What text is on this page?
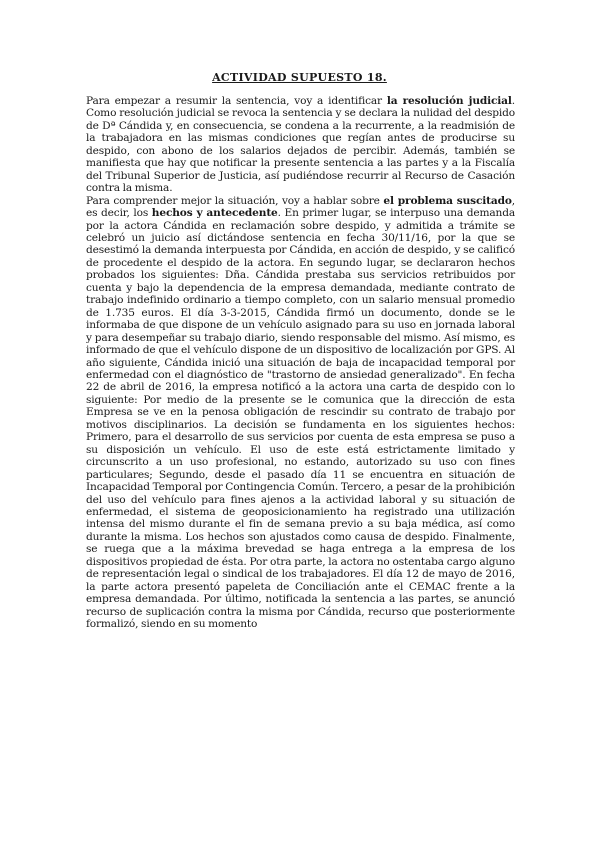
ACTIVIDAD SUPUESTO 18.

Para empezar a resumir la sentencia, voy a identificar la resolución judicial. Como resolución judicial se revoca la sentencia y se declara la nulidad del despido de Dª Cándida y, en consecuencia, se condena a la recurrente, a la readmisión de la trabajadora en las mismas condiciones que regían antes de producirse su despido, con abono de los salarios dejados de percibir. Además, también se manifiesta que hay que notificar la presente sentencia a las partes y a la Fiscalía del Tribunal Superior de Justicia, así pudiéndose recurrir al Recurso de Casación contra la misma.

Para comprender mejor la situación, voy a hablar sobre el problema suscitado, es decir, los hechos y antecedente. En primer lugar, se interpuso una demanda por la actora Cándida en reclamación sobre despido, y admitida a trámite se celebró un juicio así dictándose sentencia en fecha 30/11/16, por la que se desestimó la demanda interpuesta por Cándida, en acción de despido, y se calificó de procedente el despido de la actora. En segundo lugar, se declararon hechos probados los siguientes: Dña. Cándida prestaba sus servicios retribuidos por cuenta y bajo la dependencia de la empresa demandada, mediante contrato de trabajo indefinido ordinario a tiempo completo, con un salario mensual promedio de 1.735 euros. El día 3-3-2015, Cándida firmó un documento, donde se le informaba de que dispone de un vehículo asignado para su uso en jornada laboral y para desempeñar su trabajo diario, siendo responsable del mismo. Así mismo, es informado de que el vehículo dispone de un dispositivo de localización por GPS. Al año siguiente, Cándida inició una situación de baja de incapacidad temporal por enfermedad con el diagnóstico de "trastorno de ansiedad generalizado". En fecha 22 de abril de 2016, la empresa notificó a la actora una carta de despido con lo siguiente: Por medio de la presente se le comunica que la dirección de esta Empresa se ve en la penosa obligación de rescindir su contrato de trabajo por motivos disciplinarios. La decisión se fundamenta en los siguientes hechos: Primero, para el desarrollo de sus servicios por cuenta de esta empresa se puso a su disposición un vehículo. El uso de este está estrictamente limitado y circunscrito a un uso profesional, no estando, autorizado su uso con fines particulares; Segundo, desde el pasado día 11 se encuentra en situación de Incapacidad Temporal por Contingencia Común. Tercero, a pesar de la prohibición del uso del vehículo para fines ajenos a la actividad laboral y su situación de enfermedad, el sistema de geoposicionamiento ha registrado una utilización intensa del mismo durante el fin de semana previo a su baja médica, así como durante la misma. Los hechos son ajustados como causa de despido. Finalmente, se ruega que a la máxima brevedad se haga entrega a la empresa de los dispositivos propiedad de ésta. Por otra parte, la actora no ostentaba cargo alguno de representación legal o sindical de los trabajadores. El día 12 de mayo de 2016, la parte actora presentó papeleta de Conciliación ante el CEMAC frente a la empresa demandada. Por último, notificada la sentencia a las partes, se anunció recurso de suplicación contra la misma por Cándida, recurso que posteriormente formalizó, siendo en su momento
